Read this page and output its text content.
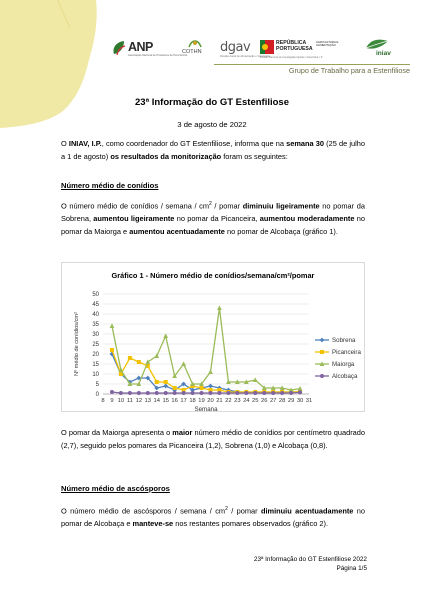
ANP
Associação Nacional de Produtores de Pera Rocha
COTHN dgav
Direção-Geral de Alimentação e Veterinária
REPÚBLICA
PORTUGUESA
AGRICULTURA E ALIMENTAÇÃO
Instituto Nacional de Investigação Agrária e Veterinária, I.P.
iniav
Grupo de Trabalho para a Estenfiliose
23ª Informação do GT Estenfiliose
3 de agosto de 2022
O INIAV, I.P., como coordenador do GT Estenfiliose, informa que na semana 30 (25 de julho a 1 de agosto) os resultados da monitorização foram os seguintes:
Número médio de conídios
O número médio de conídios / semana / $cm^2$ / pomar diminuiu ligeiramente no pomar da Sobrena, aumentou ligeiramente no pomar da Picanceira, aumentou moderadamente no pomar da Maiorga e aumentou acentuadamente no pomar de Alcobaça (gráfico 1).
Gráfico 1 - Número médio de conídios/semana/cm²/pomar
0
5
10
15
20
25
30
35
40
45
50
8 9 10 11 12 13 14 15 16 17 18 19 20 21 22 23 24 25 26 27 28 29 30 31
Semana
Nº médio de conídios/cm²	Sobrena
Picanceira
Maiorga
Alcobaça
O pomar da Maiorga apresenta o maior número médio de conídios por centímetro quadrado (2,7), seguido pelos pomares da Picanceira (1,2), Sobrena (1,0) e Alcobaça (0,8).
Número médio de ascósporos
O número médio de ascósporos / semana / $cm^2$ / pomar diminuiu acentuadamente no pomar de Alcobaça e manteve-se nos restantes pomares observados (gráfico 2).
23ª Informação do GT Estenfiliose 2022
Página 1/5
